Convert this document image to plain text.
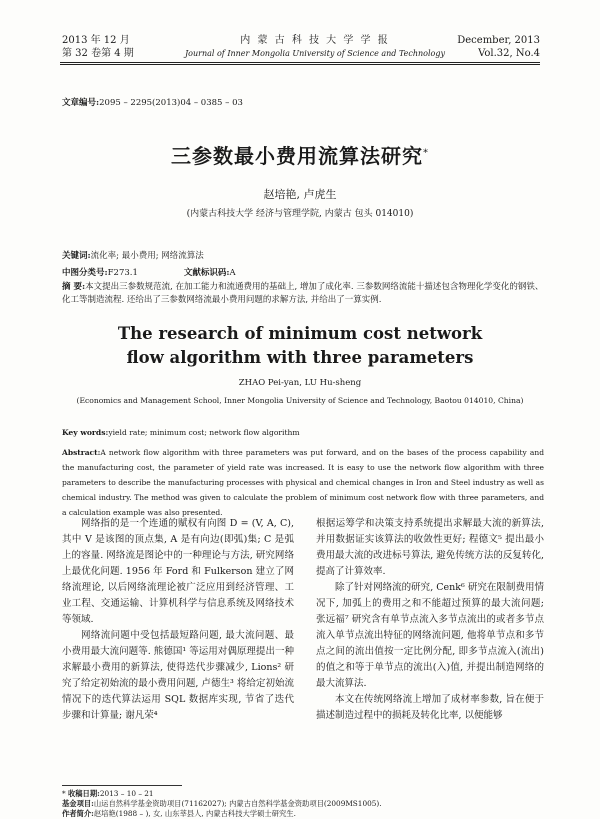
2013 年 12 月
第 32 卷第 4 期
内 蒙 古 科 技 大 学 学 报
Journal of Inner Mongolia University of Science and Technology
December, 2013
Vol.32, No.4
文章编号:2095 – 2295(2013)04 – 0385 – 03
三参数最小费用流算法研究*
赵培艳, 卢虎生
(内蒙古科技大学 经济与管理学院, 内蒙古 包头 014010)
关键词:流化率; 最小费用; 网络流算法
中图分类号:F273.1	文献标识码:A
摘 要:本文提出三参数规范流, 在加工能力和流通费用的基础上, 增加了成化率. 三参数网络流能十描述包含物理化学变化的钢铁、化工等制造流程. 还给出了三参数网络流最小费用问题的求解方法, 并给出了一算实例.
The research of minimum cost network
flow algorithm with three parameters
ZHAO Pei-yan, LU Hu-sheng
(Economics and Management School, Inner Mongolia University of Science and Technology, Baotou 014010, China)
Key words:yield rate; minimum cost; network flow algorithm
Abstract:A network flow algorithm with three parameters was put forward, and on the bases of the process capability and the manufacturing cost, the parameter of yield rate was increased. It is easy to use the network flow algorithm with three parameters to describe the manufacturing processes with physical and chemical changes in Iron and Steel industry as well as chemical industry. The method was given to calculate the problem of minimum cost network flow with three parameters, and a calculation example was also presented.

网络指的是一个连通的赋权有向图 D = (V, A, C), 其中 V 是该图的顶点集, A 是有向边(即弧)集; C 是弧上的容量. 网络流是图论中的一种理论与方法, 研究网络上最优化问题. 1956 年 Ford 和 Fulkerson 建立了网络流理论, 以后网络流理论被广泛应用到经济管理、工业工程、交通运输、计算机科学与信息系统及网络技术等领域.

网络流问题中受包括最短路问题, 最大流问题、最小费用最大流问题等. 熊德国¹ 等运用对偶原理提出一种求解最小费用的新算法, 使得迭代步骤减少, Lions² 研究了给定初始流的最小费用问题, 卢德生³ 将给定初始流情况下的迭代算法运用 SQL 数据库实现, 节省了迭代步骤和计算量; 谢凡荣⁴

根据运筹学和决策支持系统提出求解最大流的新算法, 并用数据证实该算法的收敛性更好; 程德文⁵ 提出最小费用最大流的改进标号算法, 避免传统方法的反复转化, 提高了计算效率.

除了针对网络流的研究, Cenk⁶ 研究在限制费用情况下, 加弧上的费用之和不能超过预算的最大流问题; 张远福⁷ 研究含有单节点流入多节点流出的或者多节点流入单节点流出特征的网络流问题, 他将单节点和多节点之间的流出值按一定比例分配, 即多节点流入(流出)的值之和等于单节点的流出(入)值, 并提出制造网络的最大流算法.

本文在传统网络流上增加了成材率参数, 旨在便于描述制造过程中的损耗及转化比率, 以便能够

* 收稿日期:2013 – 10 – 21
基金项目:山运自然科学基金资助项目(71162027); 内蒙古自然科学基金资助项目(2009MS1005).
作者简介:赵培艳(1988 – ), 女, 山东莘县人, 内蒙古科技大学硕士研究生.
